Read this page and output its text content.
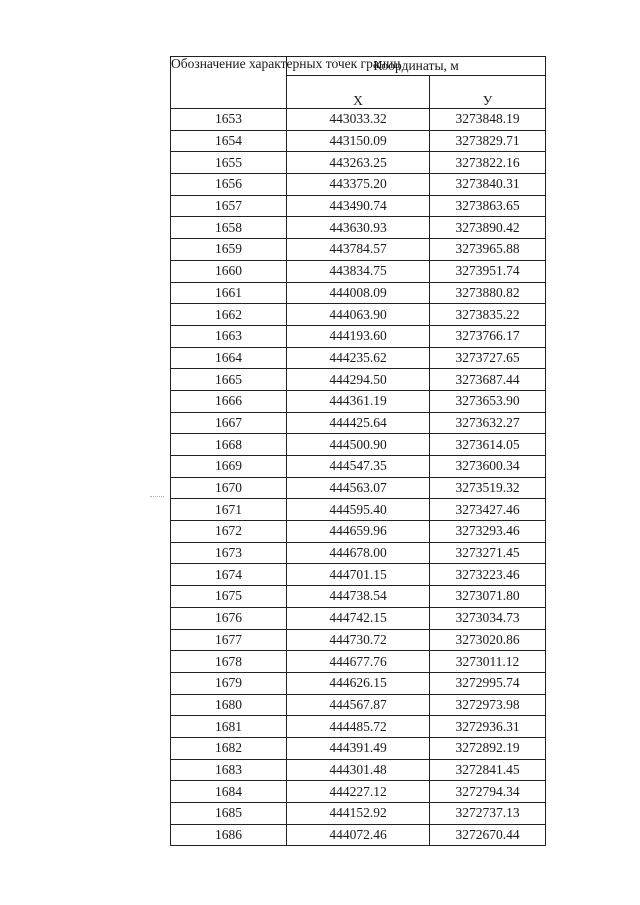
Обозначение характерных точек границ	Координаты, м	
	Х	У
1653	443033.32	3273848.19
1654	443150.09	3273829.71
1655	443263.25	3273822.16
1656	443375.20	3273840.31
1657	443490.74	3273863.65
1658	443630.93	3273890.42
1659	443784.57	3273965.88
1660	443834.75	3273951.74
1661	444008.09	3273880.82
1662	444063.90	3273835.22
1663	444193.60	3273766.17
1664	444235.62	3273727.65
1665	444294.50	3273687.44
1666	444361.19	3273653.90
1667	444425.64	3273632.27
1668	444500.90	3273614.05
1669	444547.35	3273600.34
1670	444563.07	3273519.32
1671	444595.40	3273427.46
1672	444659.96	3273293.46
1673	444678.00	3273271.45
1674	444701.15	3273223.46
1675	444738.54	3273071.80
1676	444742.15	3273034.73
1677	444730.72	3273020.86
1678	444677.76	3273011.12
1679	444626.15	3272995.74
1680	444567.87	3272973.98
1681	444485.72	3272936.31
1682	444391.49	3272892.19
1683	444301.48	3272841.45
1684	444227.12	3272794.34
1685	444152.92	3272737.13
1686	444072.46	3272670.44
